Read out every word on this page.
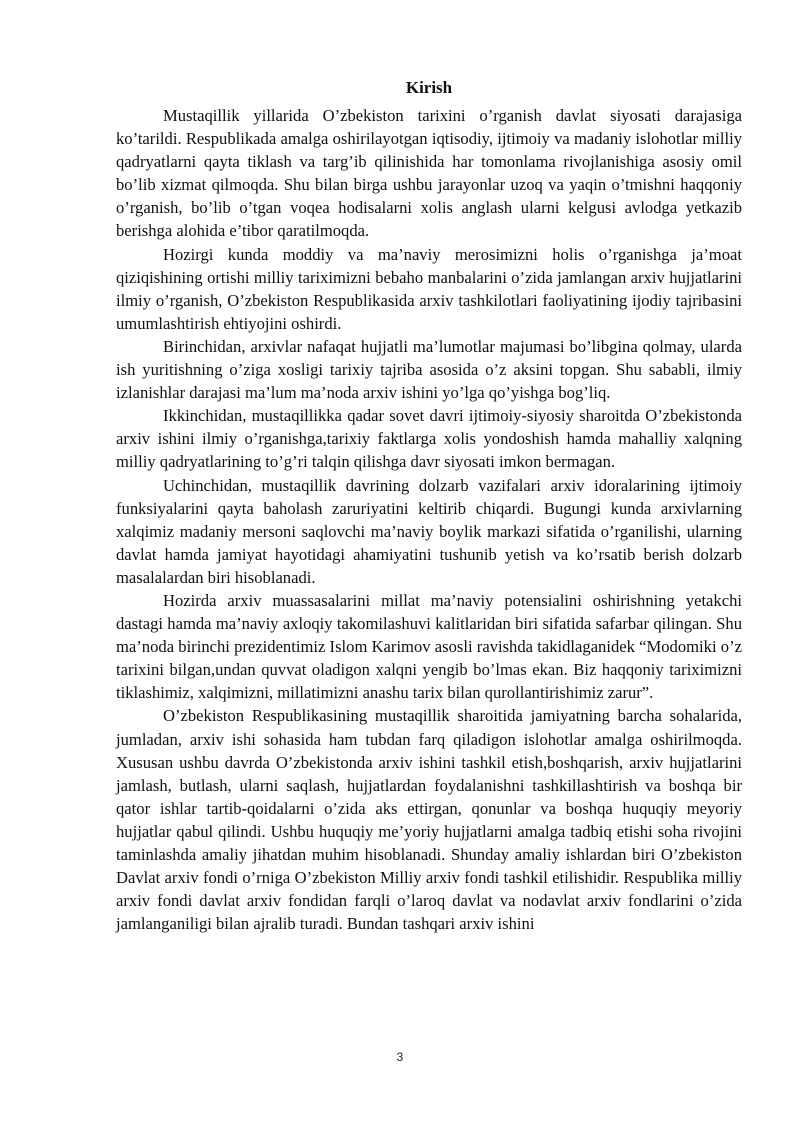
Kirish

Mustaqillik yillarida O’zbekiston tarixini o’rganish davlat siyosati darajasiga ko’tarildi. Respublikada amalga oshirilayotgan iqtisodiy, ijtimoiy va madaniy islohotlar milliy qadryatlarni qayta tiklash va targ’ib qilinishida har tomonlama rivojlanishiga asosiy omil bo’lib xizmat qilmoqda. Shu bilan birga ushbu jarayonlar uzoq va yaqin o’tmishni haqqoniy o’rganish, bo’lib o’tgan voqea hodisalarni xolis anglash ularni kelgusi avlodga yetkazib berishga alohida e’tibor qaratilmoqda.

Hozirgi kunda moddiy va ma’naviy merosimizni holis o’rganishga ja’moat qiziqishining ortishi milliy tariximizni bebaho manbalarini o’zida jamlangan arxiv hujjatlarini ilmiy o’rganish, O’zbekiston Respublikasida arxiv tashkilotlari faoliyatining ijodiy tajribasini umumlashtirish ehtiyojini oshirdi.

Birinchidan, arxivlar nafaqat hujjatli ma’lumotlar majumasi bo’libgina qolmay, ularda ish yuritishning o’ziga xosligi tarixiy tajriba asosida o’z aksini topgan. Shu sababli, ilmiy izlanishlar darajasi ma’lum ma’noda arxiv ishini yo’lga qo’yishga bog’liq.

Ikkinchidan, mustaqillikka qadar sovet davri ijtimoiy-siyosiy sharoitda O’zbekistonda arxiv ishini ilmiy o’rganishga,tarixiy faktlarga xolis yondoshish hamda mahalliy xalqning milliy qadryatlarining to’g’ri talqin qilishga davr siyosati imkon bermagan.

Uchinchidan, mustaqillik davrining dolzarb vazifalari arxiv idoralarining ijtimoiy funksiyalarini qayta baholash zaruriyatini keltirib chiqardi. Bugungi kunda arxivlarning xalqimiz madaniy mersoni saqlovchi ma’naviy boylik markazi sifatida o’rganilishi, ularning davlat hamda jamiyat hayotidagi ahamiyatini tushunib yetish va ko’rsatib berish dolzarb masalalardan biri hisoblanadi.

Hozirda arxiv muassasalarini millat ma’naviy potensialini oshirishning yetakchi dastagi hamda ma’naviy axloqiy takomilashuvi kalitlaridan biri sifatida safarbar qilingan. Shu ma’noda birinchi prezidentimiz Islom Karimov asosli ravishda takidlaganidek “Modomiki o’z tarixini bilgan,undan quvvat oladigon xalqni yengib bo’lmas ekan. Biz haqqoniy tariximizni tiklashimiz, xalqimizni, millatimizni anashu tarix bilan qurollantirishimiz zarur”.

O’zbekiston Respublikasining mustaqillik sharoitida jamiyatning barcha sohalarida, jumladan, arxiv ishi sohasida ham tubdan farq qiladigon islohotlar amalga oshirilmoqda. Xususan ushbu davrda O’zbekistonda arxiv ishini tashkil etish,boshqarish, arxiv hujjatlarini jamlash, butlash, ularni saqlash, hujjatlardan foydalanishni tashkillashtirish va boshqa bir qator ishlar tartib-qoidalarni o’zida aks ettirgan, qonunlar va boshqa huquqiy meyoriy hujjatlar qabul qilindi. Ushbu huquqiy me’yoriy hujjatlarni amalga tadbiq etishi soha rivojini taminlashda amaliy jihatdan muhim hisoblanadi. Shunday amaliy ishlardan biri O’zbekiston Davlat arxiv fondi o’rniga O’zbekiston Milliy arxiv fondi tashkil etilishidir. Respublika milliy arxiv fondi davlat arxiv fondidan farqli o’laroq davlat va nodavlat arxiv fondlarini o’zida jamlanganiligi bilan ajralib turadi. Bundan tashqari arxiv ishini

3
